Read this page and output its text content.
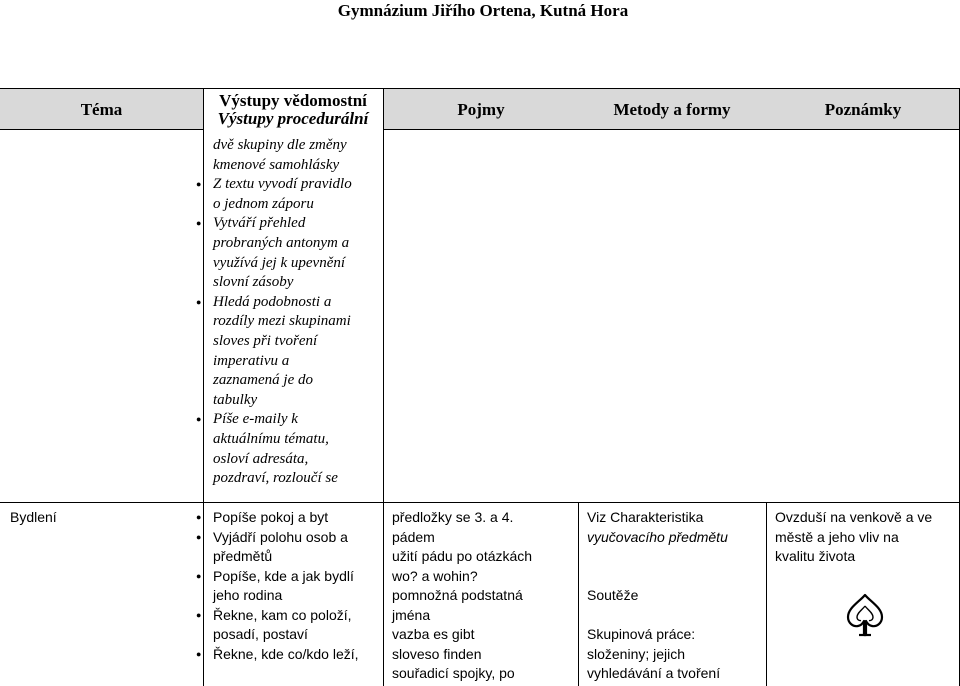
Gymnázium Jiřího Ortena, Kutná Hora
Téma	Výstupy vědomostní
Výstupy procedurální	Pojmy	Metody a formy	Poznámky
dvě skupiny dle změny
kmenové samohlásky
● Z textu vyvodí pravidlo
o jednom záporu
● Vytváří přehled
probraných antonym a
využívá jej k upevnění
slovní zásoby
● Hledá podobnosti a
rozdíly mezi skupinami
sloves při tvoření
imperativu a
zaznamená je do
tabulky
● Píše e-maily k
aktuálnímu tématu,
osloví adresáta,
pozdraví, rozloučí se
Bydlení
●	Popíše pokoj a byt
● Vyjádří polohu osob a
předmětů
● Popíše, kde a jak bydlí
jeho rodina
● Řekne, kam co položí,
posadí, postaví
● Řekne, kde co/kdo leží,
předložky se 3. a 4.
pádem
užití pádu po otázkách
wo? a wohin?
pomnožná podstatná
jména
vazba es gibt
sloveso finden
souřadicí spojky, po
Viz Charakteristika
vyučovacího předmětu
Soutěže
Skupinová práce:
složeniny; jejich
vyhledávání a tvoření
Ovzduší na venkově a ve
městě a jeho vliv na
kvalitu života
